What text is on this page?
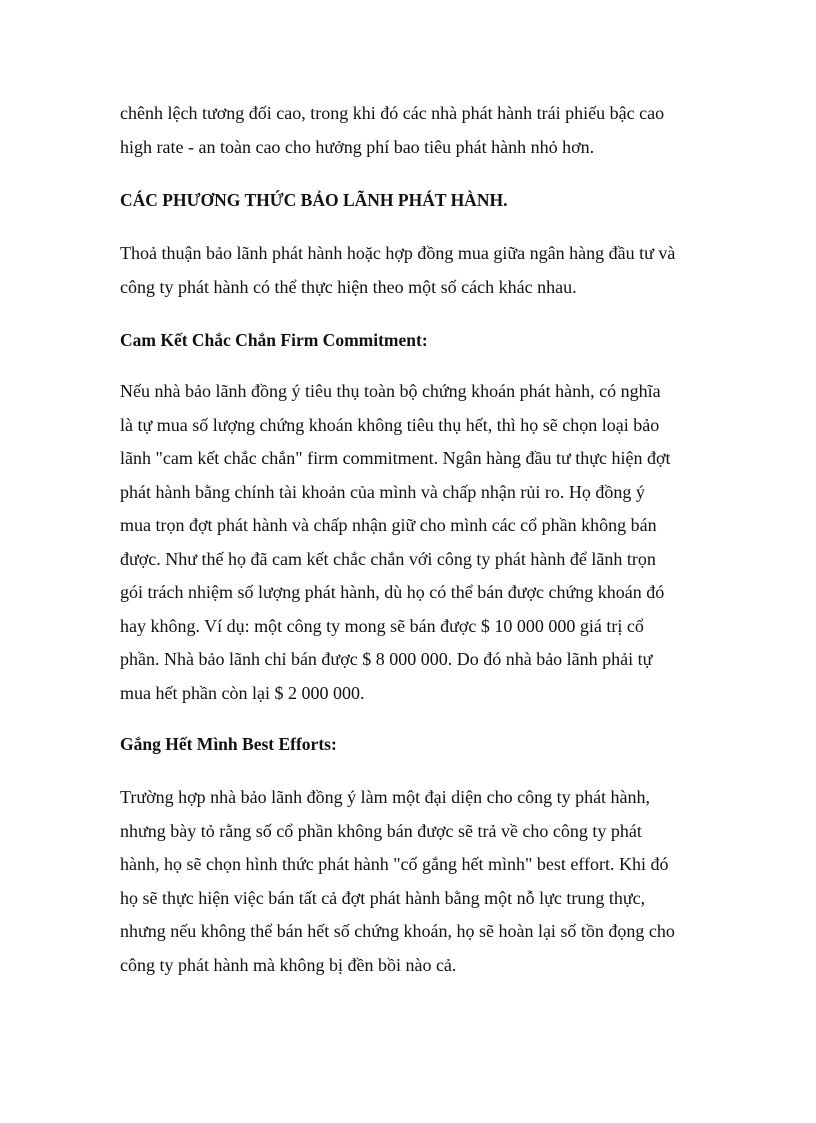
chênh lệch tương đối cao, trong khi đó các nhà phát hành trái phiếu bậc cao
high rate - an toàn cao cho hưởng phí bao tiêu phát hành nhỏ hơn.
CÁC PHƯƠNG THỨC BẢO LÃNH PHÁT HÀNH.
Thoả thuận bảo lãnh phát hành hoặc hợp đồng mua giữa ngân hàng đầu tư và
công ty phát hành có thể thực hiện theo một số cách khác nhau.
Cam Kết Chắc Chắn Firm Commitment:
Nếu nhà bảo lãnh đồng ý tiêu thụ toàn bộ chứng khoán phát hành, có nghĩa
là tự mua số lượng chứng khoán không tiêu thụ hết, thì họ sẽ chọn loại bảo
lãnh "cam kết chắc chắn" firm commitment. Ngân hàng đầu tư thực hiện đợt
phát hành bằng chính tài khoản của mình và chấp nhận rủi ro. Họ đồng ý
mua trọn đợt phát hành và chấp nhận giữ cho mình các cổ phần không bán
được. Như thế họ đã cam kết chắc chắn với công ty phát hành để lãnh trọn
gói trách nhiệm số lượng phát hành, dù họ có thể bán được chứng khoán đó
hay không. Ví dụ: một công ty mong sẽ bán được $ 10 000 000 giá trị cổ
phần. Nhà bảo lãnh chỉ bán được $ 8 000 000. Do đó nhà bảo lãnh phải tự
mua hết phần còn lại $ 2 000 000.
Gắng Hết Mình Best Efforts:
Trường hợp nhà bảo lãnh đồng ý làm một đại diện cho công ty phát hành,
nhưng bày tỏ rằng số cổ phần không bán được sẽ trả về cho công ty phát
hành, họ sẽ chọn hình thức phát hành "cố gắng hết mình" best effort. Khi đó
họ sẽ thực hiện việc bán tất cả đợt phát hành bằng một nỗ lực trung thực,
nhưng nếu không thể bán hết số chứng khoán, họ sẽ hoàn lại số tồn đọng cho
công ty phát hành mà không bị đền bồi nào cả.
